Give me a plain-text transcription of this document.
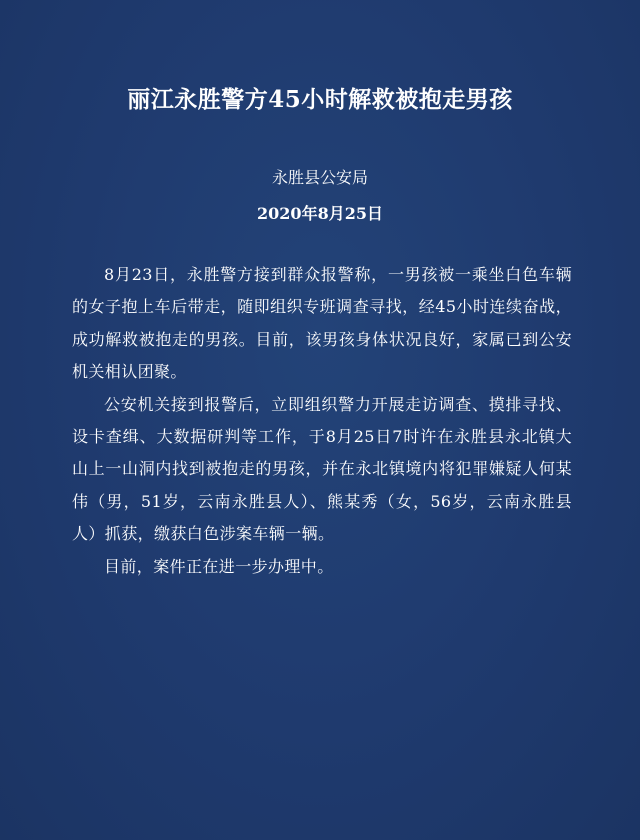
丽江永胜警方45小时解救被抱走男孩
永胜县公安局
2020年8月25日

8月23日，永胜警方接到群众报警称，一男孩被一乘坐白色车辆的女子抱上车后带走，随即组织专班调查寻找，经45小时连续奋战，成功解救被抱走的男孩。目前，该男孩身体状况良好，家属已到公安机关相认团聚。

公安机关接到报警后，立即组织警力开展走访调查、摸排寻找、设卡查缉、大数据研判等工作，于8月25日7时许在永胜县永北镇大山上一山洞内找到被抱走的男孩，并在永北镇境内将犯罪嫌疑人何某伟（男，51岁，云南永胜县人）、熊某秀（女，56岁，云南永胜县人）抓获，缴获白色涉案车辆一辆。

目前，案件正在进一步办理中。
